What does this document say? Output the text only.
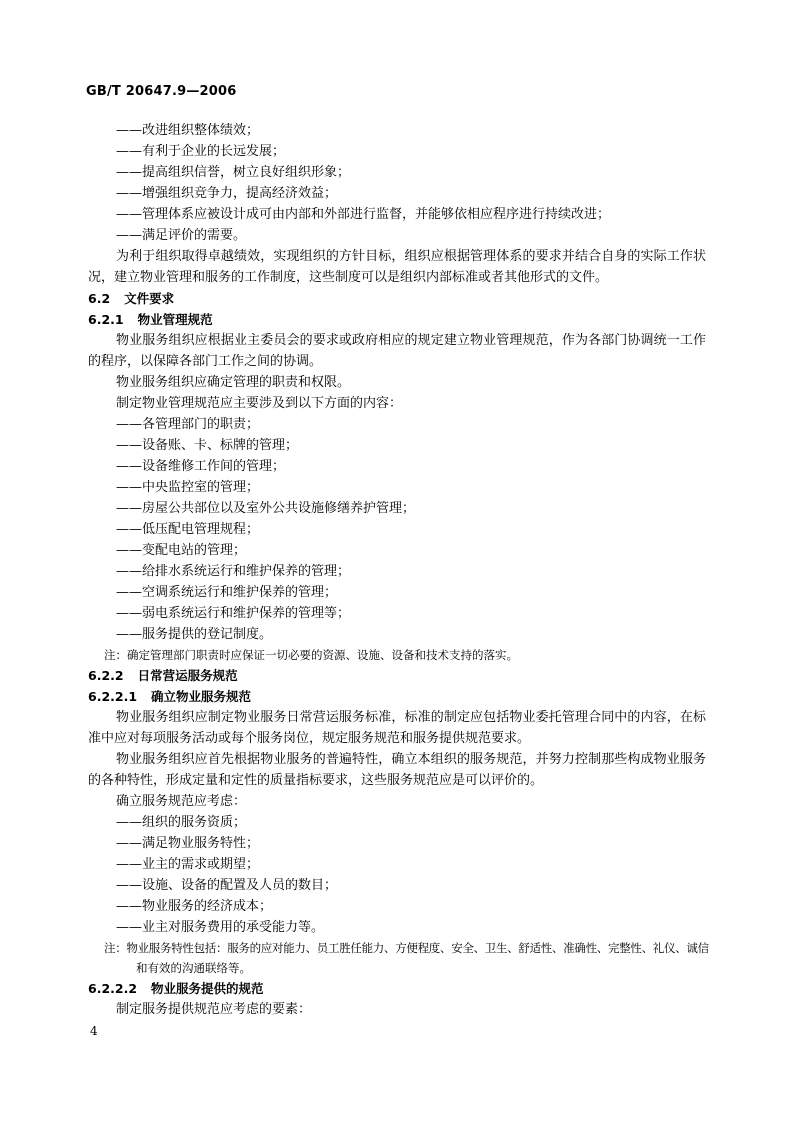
GB/T 20647.9—2006
——改进组织整体绩效；
——有利于企业的长远发展；
——提高组织信誉，树立良好组织形象；
——增强组织竞争力，提高经济效益；
——管理体系应被设计成可由内部和外部进行监督，并能够依相应程序进行持续改进；
——满足评价的需要。

为利于组织取得卓越绩效，实现组织的方针目标，组织应根据管理体系的要求并结合自身的实际工作状况，建立物业管理和服务的工作制度，这些制度可以是组织内部标准或者其他形式的文件。

6.2 文件要求
6.2.1 物业管理规范

物业服务组织应根据业主委员会的要求或政府相应的规定建立物业管理规范，作为各部门协调统一工作的程序，以保障各部门工作之间的协调。

物业服务组织应确定管理的职责和权限。
制定物业管理规范应主要涉及到以下方面的内容：
——各管理部门的职责；
——设备账、卡、标牌的管理；
——设备维修工作间的管理；
——中央监控室的管理；
——房屋公共部位以及室外公共设施修缮养护管理；
——低压配电管理规程；
——变配电站的管理；
——给排水系统运行和维护保养的管理；
——空调系统运行和维护保养的管理；
——弱电系统运行和维护保养的管理等；
——服务提供的登记制度。

注：确定管理部门职责时应保证一切必要的资源、设施、设备和技术支持的落实。

6.2.2 日常营运服务规范
6.2.2.1 确立物业服务规范

物业服务组织应制定物业服务日常营运服务标准，标准的制定应包括物业委托管理合同中的内容，在标准中应对每项服务活动或每个服务岗位，规定服务规范和服务提供规范要求。

物业服务组织应首先根据物业服务的普遍特性，确立本组织的服务规范，并努力控制那些构成物业服务的各种特性，形成定量和定性的质量指标要求，这些服务规范应是可以评价的。

确立服务规范应考虑：
——组织的服务资质；
——满足物业服务特性；
——业主的需求或期望；
——设施、设备的配置及人员的数目；
——物业服务的经济成本；
——业主对服务费用的承受能力等。

注：物业服务特性包括：服务的应对能力、员工胜任能力、方便程度、安全、卫生、舒适性、准确性、完整性、礼仪、诚信

和有效的沟通联络等。

6.2.2.2 物业服务提供的规范
制定服务提供规范应考虑的要素：
4
